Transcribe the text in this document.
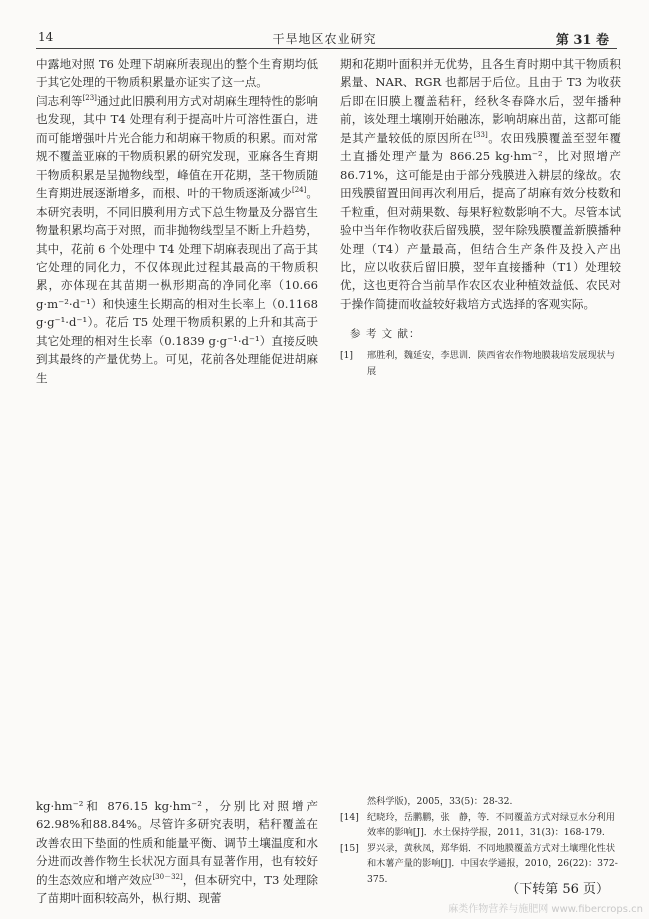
14	干旱地区农业研究	第 31 卷

中露地对照 T6 处理下胡麻所表现出的整个生育期均低于其它处理的干物质积累量亦证实了这一点。

闫志利等[23]通过此旧膜利用方式对胡麻生理特性的影响也发现，其中 T4 处理有利于提高叶片可溶性蛋白，进而可能增强叶片光合能力和胡麻干物质的积累。而对常规不覆盖亚麻的干物质积累的研究发现，亚麻各生育期干物质积累是呈抛物线型，峰值在开花期，茎干物质随生育期进展逐渐增多，而根、叶的干物质逐渐减少[24]。本研究表明，不同旧膜利用方式下总生物量及分器官生物量积累均高于对照，而非抛物线型呈不断上升趋势，其中，花前 6 个处理中 T4 处理下胡麻表现出了高于其它处理的同化力，不仅体现此过程其最高的干物质积累，亦体现在其苗期一枞形期高的净同化率（10.66 g·m⁻²·d⁻¹）和快速生长期高的相对生长率上（0.1168 g·g⁻¹·d⁻¹）。花后 T5 处理干物质积累的上升和其高于其它处理的相对生长率（0.1839 g·g⁻¹·d⁻¹）直接反映到其最终的产量优势上。可见，花前各处理能促进胡麻生

期和花期叶面积并无优势，且各生育时期中其干物质积累量、NAR、RGR 也都居于后位。且由于 T3 为收获后即在旧膜上覆盖秸秆，经秋冬春降水后，翌年播种前，该处理土壤刚开始融冻，影响胡麻出苗，这都可能是其产量较低的原因所在[33]。农田残膜覆盖至翌年覆土直播处理产量为 866.25 kg·hm⁻²，比对照增产86.71%，这可能是由于部分残膜进入耕层的缘故。农田残膜留置田间再次利用后，提高了胡麻有效分枝数和千粒重，但对蒴果数、每果籽粒数影响不大。尽管本试验中当年作物收获后留残膜，翌年除残膜覆盖新膜播种处理（T4）产量最高，但结合生产条件及投入产出比，应以收获后留旧膜，翌年直接播种（T1）处理较优，这也更符合当前旱作农区农业种植效益低、农民对于操作简捷而收益较好栽培方式选择的客观实际。

参 考 文 献：

[1] 邢胜利，魏延安，李思训．陕西省农作物地膜栽培发展现状与展

kg·hm⁻²和 876.15 kg·hm⁻²，分别比对照增产62.98%和88.84%。尽管许多研究表明，秸秆覆盖在改善农田下垫面的性质和能量平衡、调节土壤温度和水分进而改善作物生长状况方面具有显著作用，也有较好的生态效应和增产效应[30－32]，但本研究中，T3 处理除了苗期叶面积较高外，枞行期、现蕾

然科学版)，2005，33(5)：28-32.

[14] 纪晓玲，岳鹏鹏，张　静，等．不同覆盖方式对绿豆水分利用效率的影响[J]．水土保持学报，2011，31(3)：168-179.

[15] 罗兴录，黄秋凤，郑华娟．不同地膜覆盖方式对土壤理化性状和木薯产量的影响[J]．中国农学通报，2010，26(22)：372-375.

（下转第 56 页）
麻类作物营养与施肥网 www.fibercrops.cn
